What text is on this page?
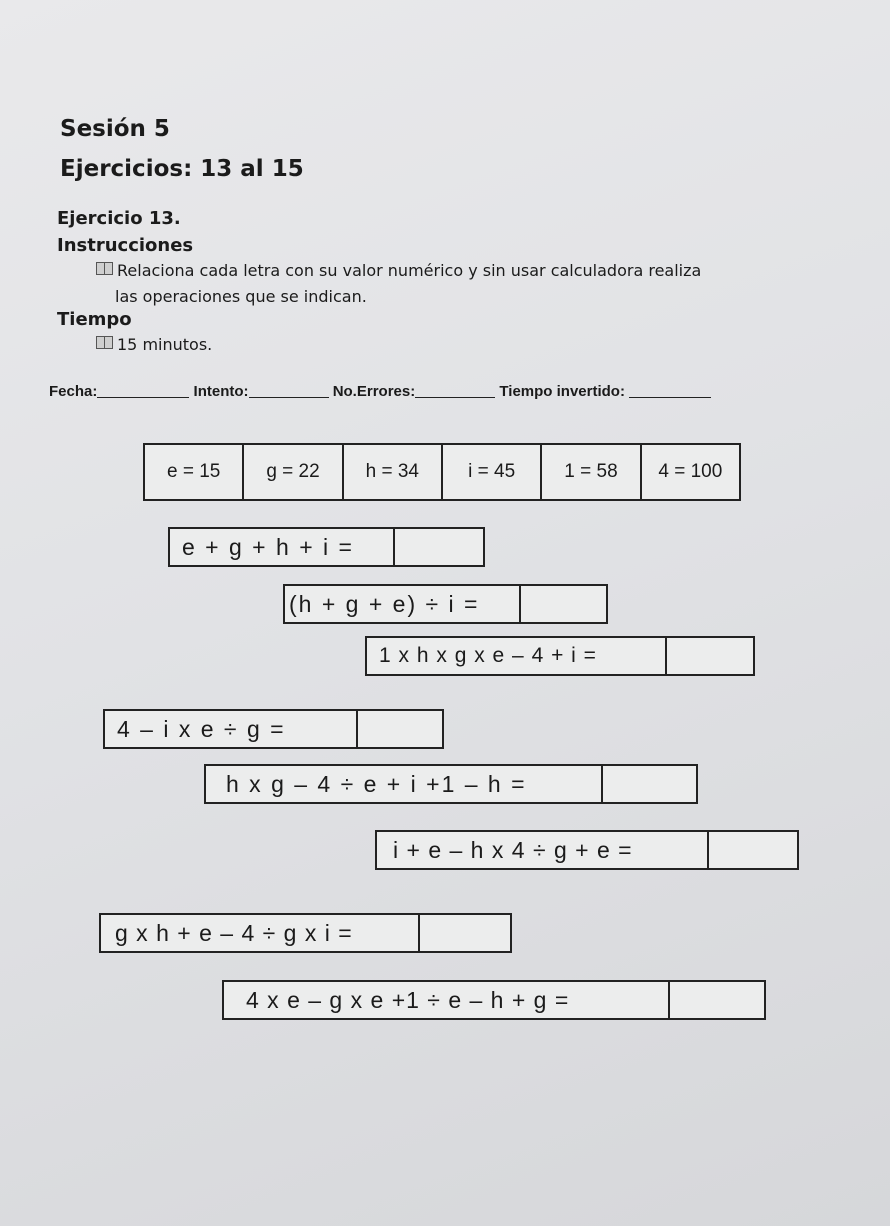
Sesión 5
Ejercicios: 13 al 15
Ejercicio 13.
Instrucciones
Relaciona cada letra con su valor numérico y sin usar calculadora realiza
las operaciones que se indican.
Tiempo
15 minutos.
Fecha:	Intento:	No.Errores:	Tiempo invertido:
e = 15	g = 22	h = 34	i = 45	1 = 58	4 = 100
e + g + h + i =
(h + g + e) ÷ i =
1 x h x g x e – 4 + i =
4 – i x e ÷ g =
h x g – 4 ÷ e + i +1 – h =
i + e – h x 4 ÷ g + e =
g x h + e – 4 ÷ g x i =
4 x e – g x e +1 ÷ e – h + g =
